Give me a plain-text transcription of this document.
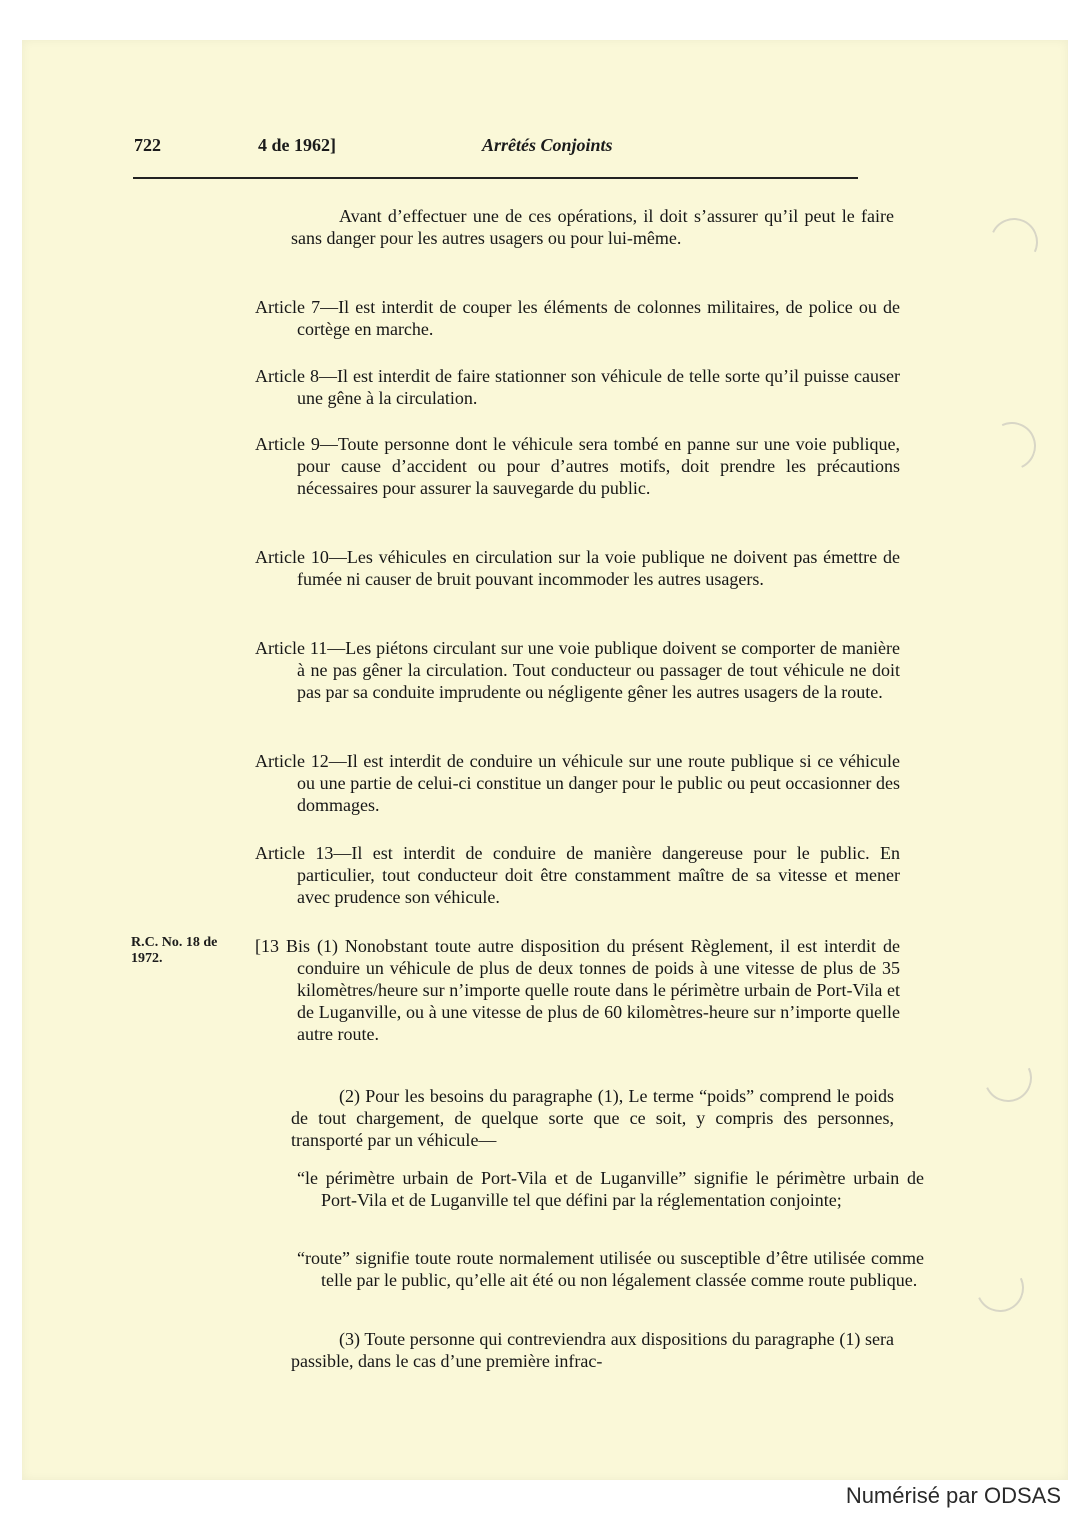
722	4 de 1962]	Arrêtés Conjoints
Avant d’effectuer une de ces opérations, il doit s’assurer qu’il peut le faire sans danger pour les autres usagers ou pour lui-même.
Article 7—Il est interdit de couper les éléments de colonnes militaires, de police ou de cortège en marche.
Article 8—Il est interdit de faire stationner son véhicule de telle sorte qu’il puisse causer une gêne à la circulation.
Article 9—Toute personne dont le véhicule sera tombé en panne sur une voie publique, pour cause d’accident ou pour d’autres motifs, doit prendre les précautions nécessaires pour assurer la sauvegarde du public.
Article 10—Les véhicules en circulation sur la voie publique ne doivent pas émettre de fumée ni causer de bruit pouvant incommoder les autres usagers.
Article 11—Les piétons circulant sur une voie publique doivent se comporter de manière à ne pas gêner la circulation. Tout conducteur ou passager de tout véhicule ne doit pas par sa conduite imprudente ou négligente gêner les autres usagers de la route.
Article 12—Il est interdit de conduire un véhicule sur une route publique si ce véhicule ou une partie de celui-ci constitue un danger pour le public ou peut occasionner des dommages.
Article 13—Il est interdit de conduire de manière dangereuse pour le public. En particulier, tout conducteur doit être constamment maître de sa vitesse et mener avec prudence son véhicule.
R.C. No. 18 de 1972.
[13 Bis (1) Nonobstant toute autre disposition du présent Règlement, il est interdit de conduire un véhicule de plus de deux tonnes de poids à une vitesse de plus de 35 kilomètres/heure sur n’importe quelle route dans le périmètre urbain de Port-Vila et de Luganville, ou à une vitesse de plus de 60 kilomètres-heure sur n’importe quelle autre route.
(2) Pour les besoins du paragraphe (1), Le terme “poids” comprend le poids de tout chargement, de quelque sorte que ce soit, y compris des personnes, transporté par un véhicule—
“le périmètre urbain de Port-Vila et de Luganville” signifie le périmètre urbain de Port-Vila et de Luganville tel que défini par la réglementation conjointe;
“route” signifie toute route normalement utilisée ou susceptible d’être utilisée comme telle par le public, qu’elle ait été ou non légalement classée comme route publique.
(3) Toute personne qui contreviendra aux dispositions du paragraphe (1) sera passible, dans le cas d’une première infrac-
Numérisé par ODSAS
